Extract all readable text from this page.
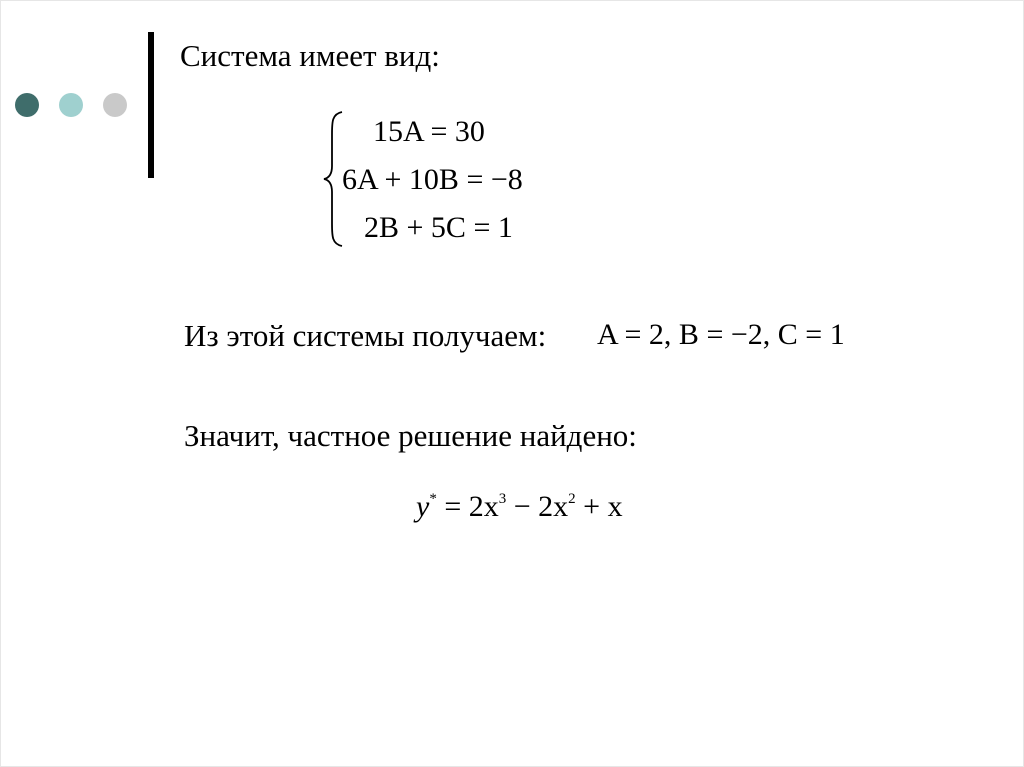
Система имеет вид:
15A = 30
6A + 10B = −8
2B + 5C = 1
Из этой системы получаем: A = 2, B = −2, C = 1
Значит, частное решение найдено:
$y^* = 2x^3 - 2x^2 + x$
